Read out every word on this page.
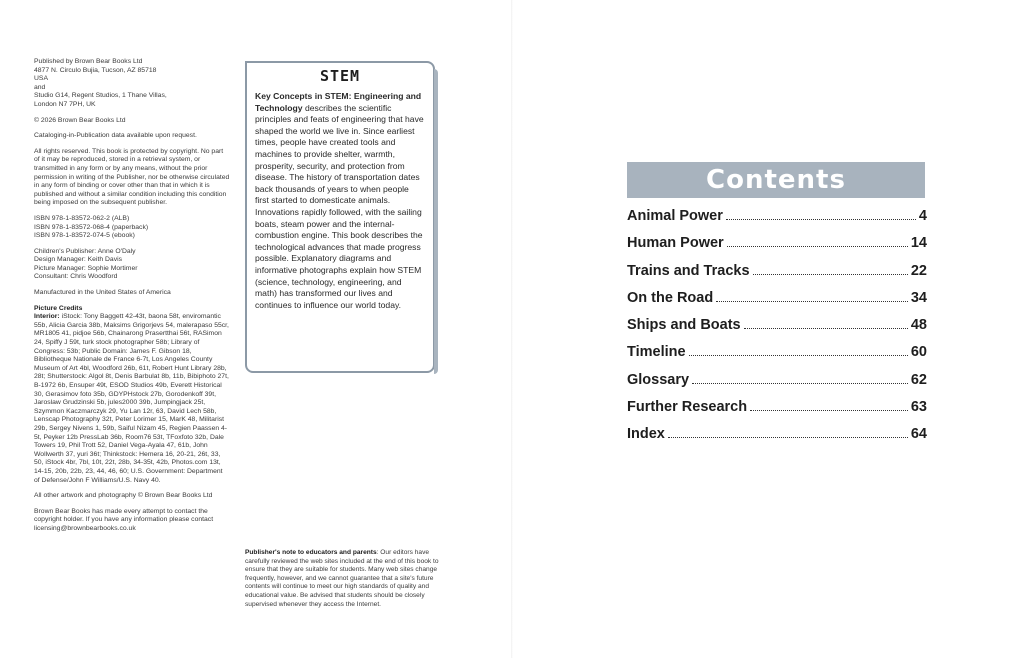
Published by Brown Bear Books Ltd
4877 N. Circulo Bujia, Tucson, AZ 85718
USA
and
Studio G14, Regent Studios, 1 Thane Villas,
London N7 7PH, UK

© 2026 Brown Bear Books Ltd

Cataloging-in-Publication data available upon request.

All rights reserved. This book is protected by copyright. No part of it may be reproduced, stored in a retrieval system, or transmitted in any form or by any means, without the prior permission in writing of the Publisher, nor be otherwise circulated in any form of binding or cover other than that in which it is published and without a similar condition including this condition being imposed on the subsequent publisher.

ISBN 978-1-83572-062-2 (ALB)
ISBN 978-1-83572-068-4 (paperback)
ISBN 978-1-83572-074-5 (ebook)

Children's Publisher: Anne O'Daly
Design Manager: Keith Davis
Picture Manager: Sophie Mortimer
Consultant: Chris Woodford

Manufactured in the United States of America

Picture Credits
Interior: iStock: Tony Baggett 42-43t, baona 58t, enviromantic 55b, Alicia Garcia 38b, Maksims Grigorjevs 54, malerapaso 55cr, MR1805 41, pidjoe 56b, Chainarong Prasertthai 56t, RASimon 24, Spiffy J 59t, turk stock photographer 58b; Library of Congress: 53b; Public Domain: James F. Gibson 18, Bibliotheque Nationale de France 6-7t, Los Angeles County Museum of Art 4bl, Woodford 26b, 61t, Robert Hunt Library 28b, 28t; Shutterstock: Algol 8t, Denis Barbulat 8b, 11b, Bibiphoto 27t, B-1972 6b, Ensuper 49t, ESOD Studios 49b, Everett Historical 30, Gerasimov foto 35b, GDYPHstock 27b, Gorodenkoff 39t, Jaroslaw Grudzinski 5b, jules2000 39b, Jumpingjack 25t, Szymmon Kaczmarczyk 29, Yu Lan 12r, 63, David Lech 58b, Lenscap Photography 32t, Peter Lorimer 15, MarK 48, Militarist 29b, Sergey Nivens 1, 59b, Saiful Nizam 45, Regien Paassen 4-5t, Peyker 12b PressLab 36b, Room76 53t, TFoxfoto 32b, Dale Towers 19, Phil Trott 52, Daniel Vega-Ayala 47, 61b, John Wollwerth 37, yuri 36t; Thinkstock: Hemera 16, 20-21, 26t, 33, 50, iStock 4br, 7bl, 10t, 22t, 28b, 34-35t, 42b, Photos.com 13t, 14-15, 20b, 22b, 23, 44, 46, 60; U.S. Government: Department of Defense/John F Williams/U.S. Navy 40.

All other artwork and photography © Brown Bear Books Ltd

Brown Bear Books has made every attempt to contact the copyright holder. If you have any information please contact licensing@brownbearbooks.co.uk

STEM
Key Concepts in STEM: Engineering and Technology describes the scientific principles and feats of engineering that have shaped the world we live in. Since earliest times, people have created tools and machines to provide shelter, warmth, prosperity, security, and protection from disease. The history of transportation dates back thousands of years to when people first started to domesticate animals. Innovations rapidly followed, with the sailing boats, steam power and the internal-combustion engine. This book describes the technological advances that made progress possible. Explanatory diagrams and informative photographs explain how STEM (science, technology, engineering, and math) has transformed our lives and continues to influence our world today.
Publisher's note to educators and parents: Our editors have carefully reviewed the web sites included at the end of this book to ensure that they are suitable for students. Many web sites change frequently, however, and we cannot guarantee that a site's future contents will continue to meet our high standards of quality and educational value. Be advised that students should be closely supervised whenever they access the Internet.
Contents
Animal Power	4
Human Power	14
Trains and Tracks	22
On the Road	34
Ships and Boats	48
Timeline	60
Glossary	62
Further Research	63
Index	64
